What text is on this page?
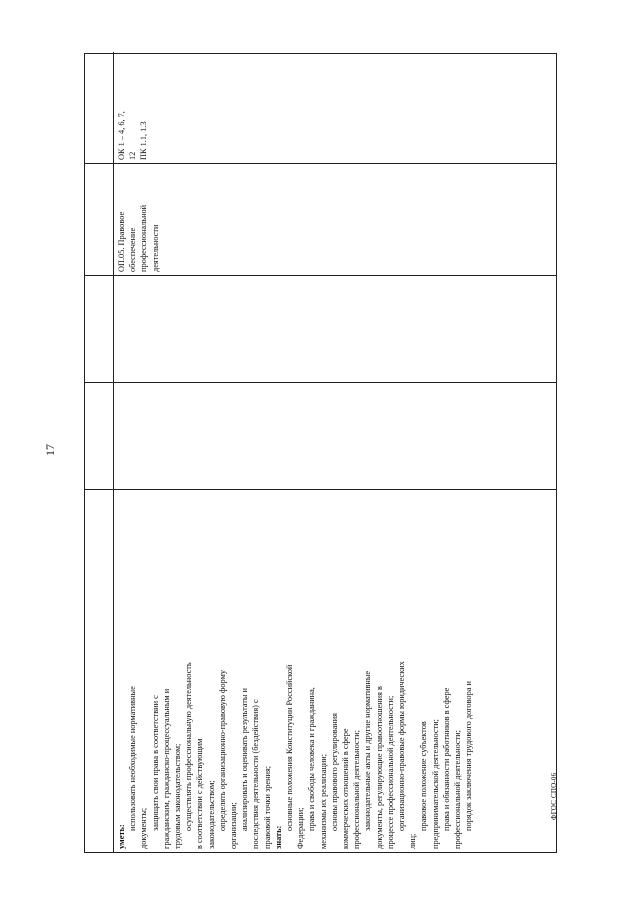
17
уметь:
использовать необходимые нормативные документы; защищать свои права в соответствии с гражданским, гражданско-процессуальным и трудовым законодательством; осуществлять профессиональную деятельность в соответствии с действующим законодательством; определять организационно-правовую форму организации; анализировать и оценивать результаты и последствия деятельности (бездействия) с правовой точки зрения; знать:
основные положения Конституции Российской Федерации; права и свободы человека и гражданина, механизмы их реализации; основы правового регулирования коммерческих отношений в сфере профессиональной деятельности; законодательные акты и другие нормативные документы, регулирующие правоотношения в процессе профессиональной деятельности; организационно-правовые формы юридических
лиц;
правовое положение субъектов предпринимательской деятельности; права и обязанности работников в сфере профессиональной деятельности; порядок заключения трудового договора и
ОП.05. Правовое обеспечение профессиональной деятельности
ОК 1 – 4, 6, 7, 12 ПК 1.1, 1.3
ФГОС СПО-06
